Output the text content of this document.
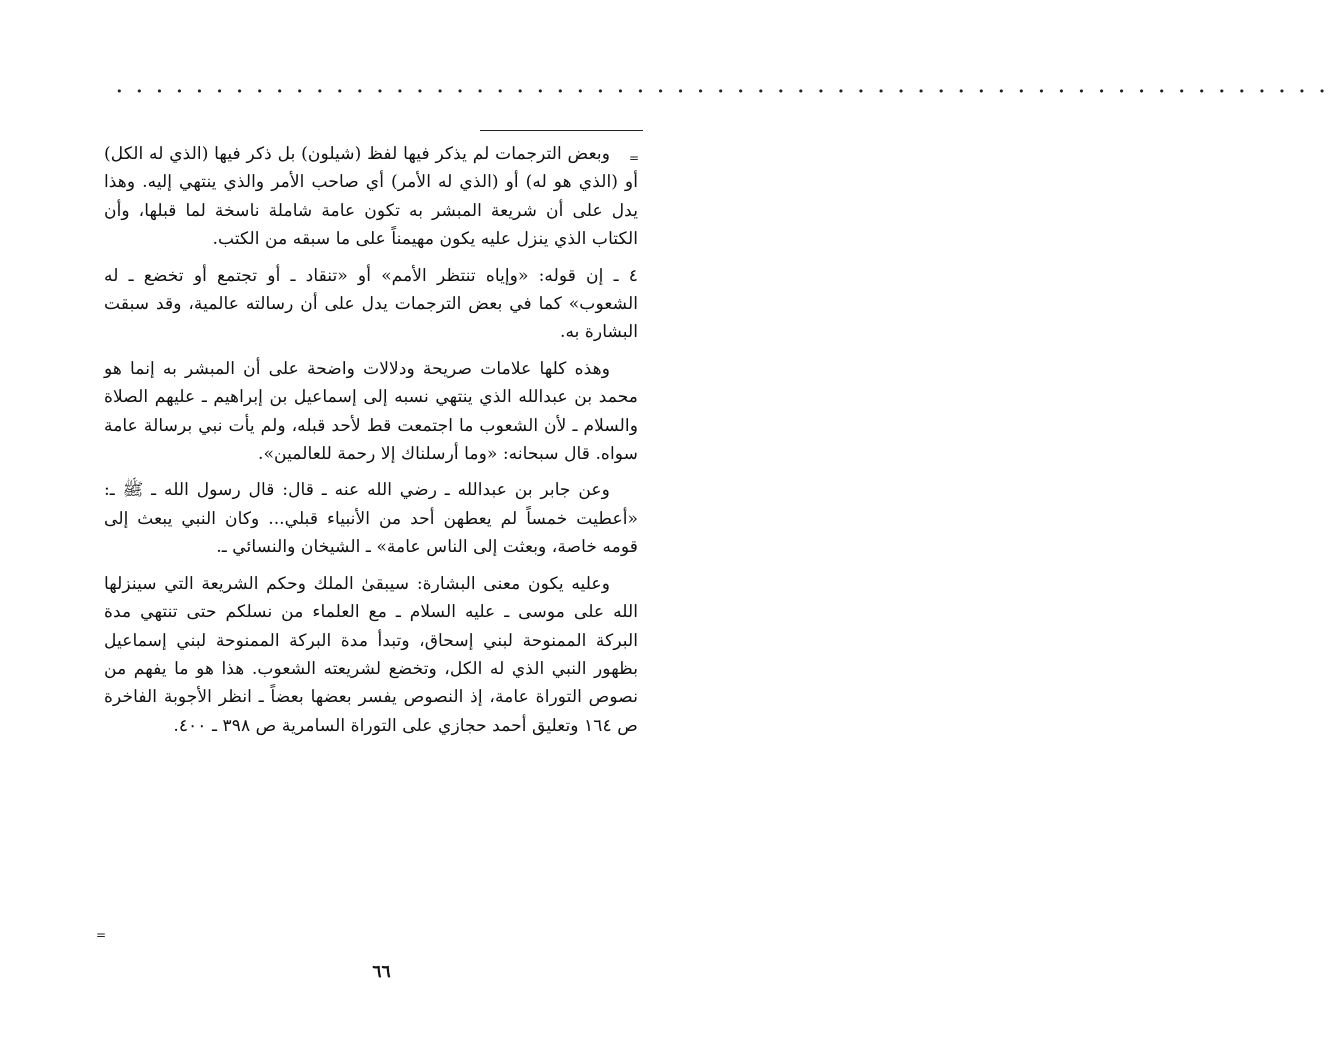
• • • • • • • • • • • • • • • • • • • • • • • • • • • • • • • • • • • • • • • • • • • • • • • • • • • • • • • • • • • • •
=

وبعض الترجمات لم يذكر فيها لفظ (شيلون) بل ذكر فيها (الذي له الكل) أو (الذي هو له) أو (الذي له الأمر) أي صاحب الأمر والذي ينتهي إليه. وهذا يدل على أن شريعة المبشر به تكون عامة شاملة ناسخة لما قبلها، وأن الكتاب الذي ينزل عليه يكون مهيمناً على ما سبقه من الكتب.

٤ ـ إن قوله: «وإياه تنتظر الأمم» أو «تنقاد ـ أو تجتمع أو تخضع ـ له الشعوب» كما في بعض الترجمات يدل على أن رسالته عالمية، وقد سبقت البشارة به.

وهذه كلها علامات صريحة ودلالات واضحة على أن المبشر به إنما هو محمد بن عبدالله الذي ينتهي نسبه إلى إسماعيل بن إبراهيم ـ عليهم الصلاة والسلام ـ لأن الشعوب ما اجتمعت قط لأحد قبله، ولم يأت نبي برسالة عامة سواه. قال سبحانه: «وما أرسلناك إلا رحمة للعالمين».

وعن جابر بن عبدالله ـ رضي الله عنه ـ قال: قال رسول الله ـ ﷺ ـ: «أعطيت خمساً لم يعطهن أحد من الأنبياء قبلي... وكان النبي يبعث إلى قومه خاصة، وبعثت إلى الناس عامة» ـ الشيخان والنسائي ـ.

وعليه يكون معنى البشارة: سيبقىٰ الملك وحكم الشريعة التي سينزلها الله على موسى ـ عليه السلام ـ مع العلماء من نسلكم حتى تنتهي مدة البركة الممنوحة لبني إسحاق، وتبدأ مدة البركة الممنوحة لبني إسماعيل بظهور النبي الذي له الكل، وتخضع لشريعته الشعوب. هذا هو ما يفهم من نصوص التوراة عامة، إذ النصوص يفسر بعضها بعضاً ـ انظر الأجوبة الفاخرة ص ١٦٤ وتعليق أحمد حجازي على التوراة السامرية ص ٣٩٨ ـ ٤٠٠.

=
٦٦
